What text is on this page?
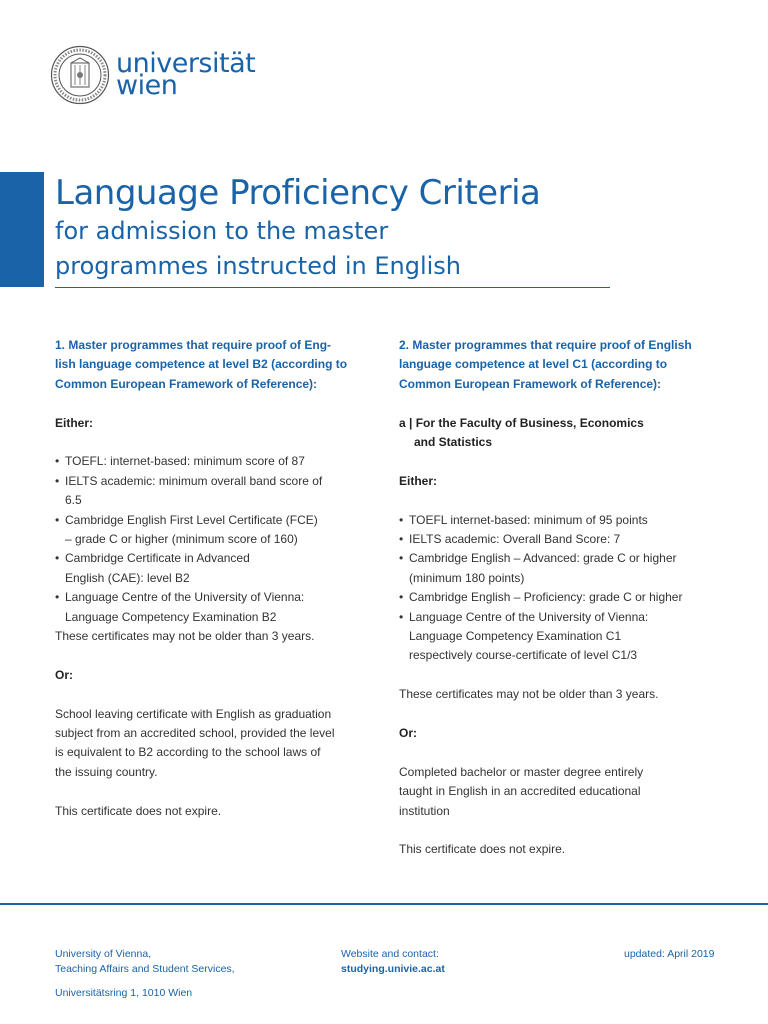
universität
wien
Language Proficiency Criteria
for admission to the master
programmes instructed in English
1. Master programmes that require proof of Eng-
lish language competence at level B2 (according to
Common European Framework of Reference):
Either:
• TOEFL: internet-based: minimum score of 87
• IELTS academic: minimum overall band score of
6.5
• Cambridge English First Level Certificate (FCE)
– grade C or higher (minimum score of 160)
• Cambridge Certificate in Advanced
English (CAE): level B2
• Language Centre of the University of Vienna:
Language Competency Examination B2
These certificates may not be older than 3 years.
Or:
School leaving certificate with English as graduation
subject from an accredited school, provided the level
is equivalent to B2 according to the school laws of
the issuing country.
This certificate does not expire.
2. Master programmes that require proof of English
language competence at level C1 (according to
Common European Framework of Reference):
a | For the Faculty of Business, Economics
and Statistics
Either:
• TOEFL internet-based: minimum of 95 points
• IELTS academic: Overall Band Score: 7
• Cambridge English – Advanced: grade C or higher
(minimum 180 points)
• Cambridge English – Proficiency: grade C or higher
• Language Centre of the University of Vienna:
Language Competency Examination C1
respectively course-certificate of level C1/3
These certificates may not be older than 3 years.
Or:
Completed bachelor or master degree entirely
taught in English in an accredited educational
institution
This certificate does not expire.
University of Vienna,
Teaching Affairs and Student Services,
Universitätsring 1, 1010 Wien
Website and contact:
studying.univie.ac.at
updated: April 2019
